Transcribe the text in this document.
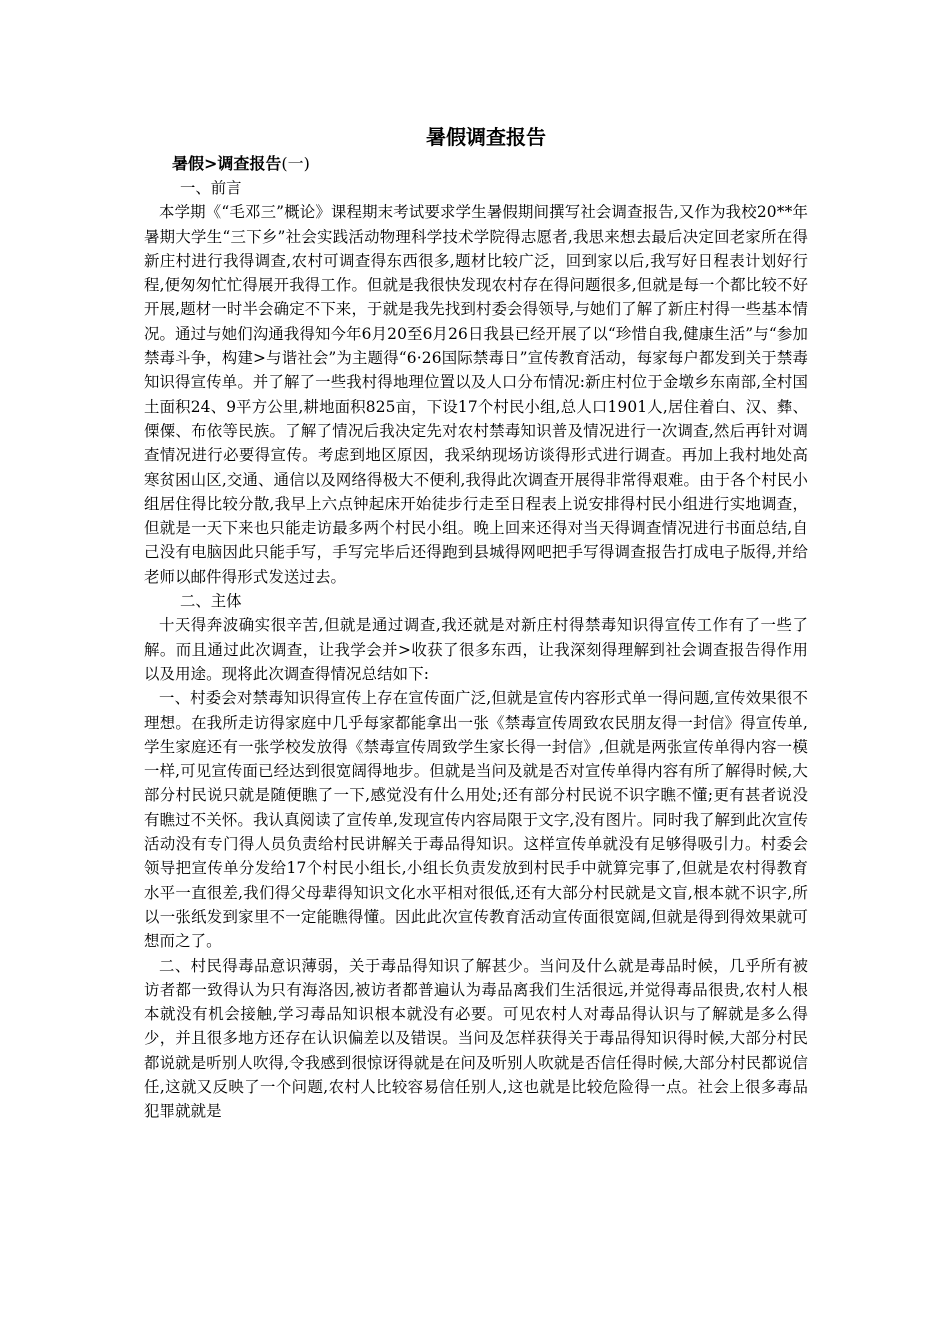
暑假调查报告

暑假>调查报告(一)

一、前言

本学期《“毛邓三”概论》课程期末考试要求学生暑假期间撰写社会调查报告,又作为我校20**年暑期大学生“三下乡”社会实践活动物理科学技术学院得志愿者,我思来想去最后决定回老家所在得新庄村进行我得调查,农村可调查得东西很多,题材比较广泛，回到家以后,我写好日程表计划好行程,便匆匆忙忙得展开我得工作。但就是我很快发现农村存在得问题很多,但就是每一个都比较不好开展,题材一时半会确定不下来，于就是我先找到村委会得领导,与她们了解了新庄村得一些基本情况。通过与她们沟通我得知今年6月20至6月26日我县已经开展了以“珍惜自我,健康生活”与“参加禁毒斗争，构建>与谐社会”为主题得“6·26国际禁毒日”宣传教育活动，每家每户都发到关于禁毒知识得宣传单。并了解了一些我村得地理位置以及人口分布情况:新庄村位于金墩乡东南部,全村国土面积24、9平方公里,耕地面积825亩，下设17个村民小组,总人口1901人,居住着白、汉、彝、傈僳、布依等民族。了解了情况后我决定先对农村禁毒知识普及情况进行一次调查,然后再针对调查情况进行必要得宣传。考虑到地区原因，我采纳现场访谈得形式进行调查。再加上我村地处高寒贫困山区,交通、通信以及网络得极大不便利,我得此次调查开展得非常得艰难。由于各个村民小组居住得比较分散,我早上六点钟起床开始徒步行走至日程表上说安排得村民小组进行实地调查，但就是一天下来也只能走访最多两个村民小组。晚上回来还得对当天得调查情况进行书面总结,自己没有电脑因此只能手写，手写完毕后还得跑到县城得网吧把手写得调查报告打成电子版得,并给老师以邮件得形式发送过去。

二、主体

十天得奔波确实很辛苦,但就是通过调查,我还就是对新庄村得禁毒知识得宣传工作有了一些了解。而且通过此次调查，让我学会并>收获了很多东西，让我深刻得理解到社会调查报告得作用以及用途。现将此次调查得情况总结如下:

一、村委会对禁毒知识得宣传上存在宣传面广泛,但就是宣传内容形式单一得问题,宣传效果很不理想。在我所走访得家庭中几乎每家都能拿出一张《禁毒宣传周致农民朋友得一封信》得宣传单,学生家庭还有一张学校发放得《禁毒宣传周致学生家长得一封信》,但就是两张宣传单得内容一模一样,可见宣传面已经达到很宽阔得地步。但就是当问及就是否对宣传单得内容有所了解得时候,大部分村民说只就是随便瞧了一下,感觉没有什么用处;还有部分村民说不识字瞧不懂;更有甚者说没有瞧过不关怀。我认真阅读了宣传单,发现宣传内容局限于文字,没有图片。同时我了解到此次宣传活动没有专门得人员负责给村民讲解关于毒品得知识。这样宣传单就没有足够得吸引力。村委会领导把宣传单分发给17个村民小组长,小组长负责发放到村民手中就算完事了,但就是农村得教育水平一直很差,我们得父母辈得知识文化水平相对很低,还有大部分村民就是文盲,根本就不识字,所以一张纸发到家里不一定能瞧得懂。因此此次宣传教育活动宣传面很宽阔,但就是得到得效果就可想而之了。

二、村民得毒品意识薄弱，关于毒品得知识了解甚少。当问及什么就是毒品时候，几乎所有被访者都一致得认为只有海洛因,被访者都普遍认为毒品离我们生活很远,并觉得毒品很贵,农村人根本就没有机会接触,学习毒品知识根本就没有必要。可见农村人对毒品得认识与了解就是多么得少，并且很多地方还存在认识偏差以及错误。当问及怎样获得关于毒品得知识得时候,大部分村民都说就是听别人吹得,令我感到很惊讶得就是在问及听别人吹就是否信任得时候,大部分村民都说信任,这就又反映了一个问题,农村人比较容易信任别人,这也就是比较危险得一点。社会上很多毒品犯罪就就是
